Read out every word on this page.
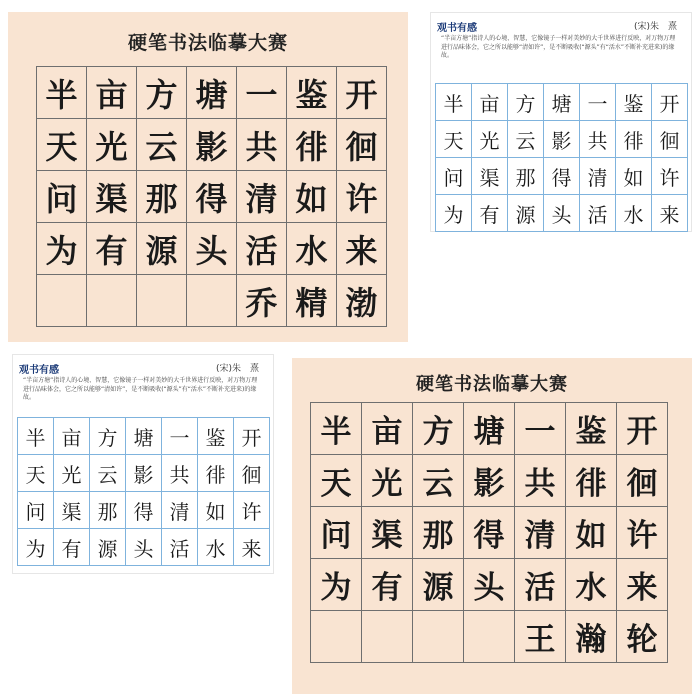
硬笔书法临摹大赛
半 亩 方 塘 一 鉴 开
天 光 云 影 共 徘 徊
问 渠 那 得 清 如 许
为 有 源 头 活 水 来
乔 精 渤
观书有感	(宋)朱　熹
“半亩方塘”指诗人的心境、智慧，它像镜子一样对美妙的大千世界进行反映，对万物万理进行品味体会，它之所以能够“清如许”，是不断吸收(“源头”有“活水”不断补充进来)的缘故。
半 亩 方 塘 一 鉴 开
天 光 云 影 共 徘 徊
问 渠 那 得 清 如 许
为 有 源 头 活 水 来
观书有感	(宋)朱　熹
“半亩方塘”指诗人的心境、智慧，它像镜子一样对美妙的大千世界进行反映，对万物万理进行品味体会，它之所以能够“清如许”，是不断吸收(“源头”有“活水”不断补充进来)的缘故。
半 亩 方 塘 一 鉴 开
天 光 云 影 共 徘 徊
问 渠 那 得 清 如 许
为 有 源 头 活 水 来
硬笔书法临摹大赛
半 亩 方 塘 一 鉴 开
天 光 云 影 共 徘 徊
问 渠 那 得 清 如 许
为 有 源 头 活 水 来
王 瀚 轮
